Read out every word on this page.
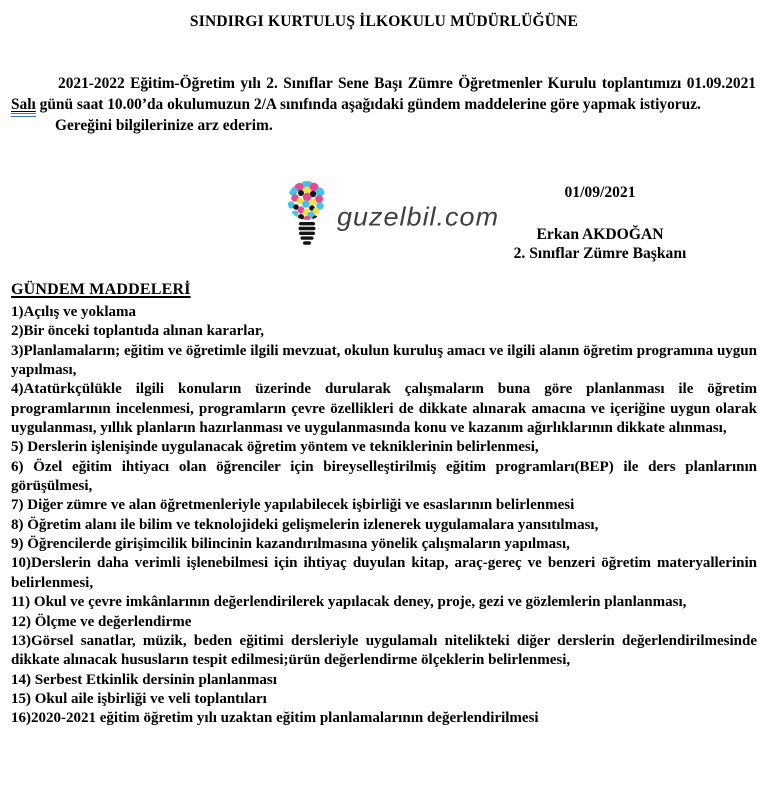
SINDIRGI KURTULUŞ İLKOKULU MÜDÜRLÜĞÜNE

2021-2022 Eğitim-Öğretim yılı 2. Sınıflar Sene Başı Zümre Öğretmenler Kurulu toplantımızı 01.09.2021 Salı günü saat 10.00’da okulumuzun 2/A sınıfında aşağıdaki gündem maddelerine göre yapmak istiyoruz.

Gereğini bilgilerinize arz ederim.

guzelbil.com
01/09/2021
Erkan AKDOĞAN
2. Sınıflar Zümre Başkanı
GÜNDEM MADDELERİ

1)Açılış ve yoklama

2)Bir önceki toplantıda alınan kararlar,

3)Planlamaların; eğitim ve öğretimle ilgili mevzuat, okulun kuruluş amacı ve ilgili alanın öğretim programına uygun yapılması,

4)Atatürkçülükle ilgili konuların üzerinde durularak çalışmaların buna göre planlanması ile öğretim programlarının incelenmesi, programların çevre özellikleri de dikkate alınarak amacına ve içeriğine uygun olarak uygulanması, yıllık planların hazırlanması ve uygulanmasında konu ve kazanım ağırlıklarının dikkate alınması,

5) Derslerin işlenişinde uygulanacak öğretim yöntem ve tekniklerinin belirlenmesi,

6) Özel eğitim ihtiyacı olan öğrenciler için bireyselleştirilmiş eğitim programları(BEP) ile ders planlarının görüşülmesi,

7) Diğer zümre ve alan öğretmenleriyle yapılabilecek işbirliği ve esaslarının belirlenmesi

8) Öğretim alanı ile bilim ve teknolojideki gelişmelerin izlenerek uygulamalara yansıtılması,

9) Öğrencilerde girişimcilik bilincinin kazandırılmasına yönelik çalışmaların yapılması,

10)Derslerin daha verimli işlenebilmesi için ihtiyaç duyulan kitap, araç-gereç ve benzeri öğretim materyallerinin belirlenmesi,

11) Okul ve çevre imkânlarının değerlendirilerek yapılacak deney, proje, gezi ve gözlemlerin planlanması,

12) Ölçme ve değerlendirme

13)Görsel sanatlar, müzik, beden eğitimi dersleriyle uygulamalı nitelikteki diğer derslerin değerlendirilmesinde dikkate alınacak hususların tespit edilmesi;ürün değerlendirme ölçeklerin belirlenmesi,

14) Serbest Etkinlik dersinin planlanması

15) Okul aile işbirliği ve veli toplantıları

16)2020-2021 eğitim öğretim yılı uzaktan eğitim planlamalarının değerlendirilmesi
